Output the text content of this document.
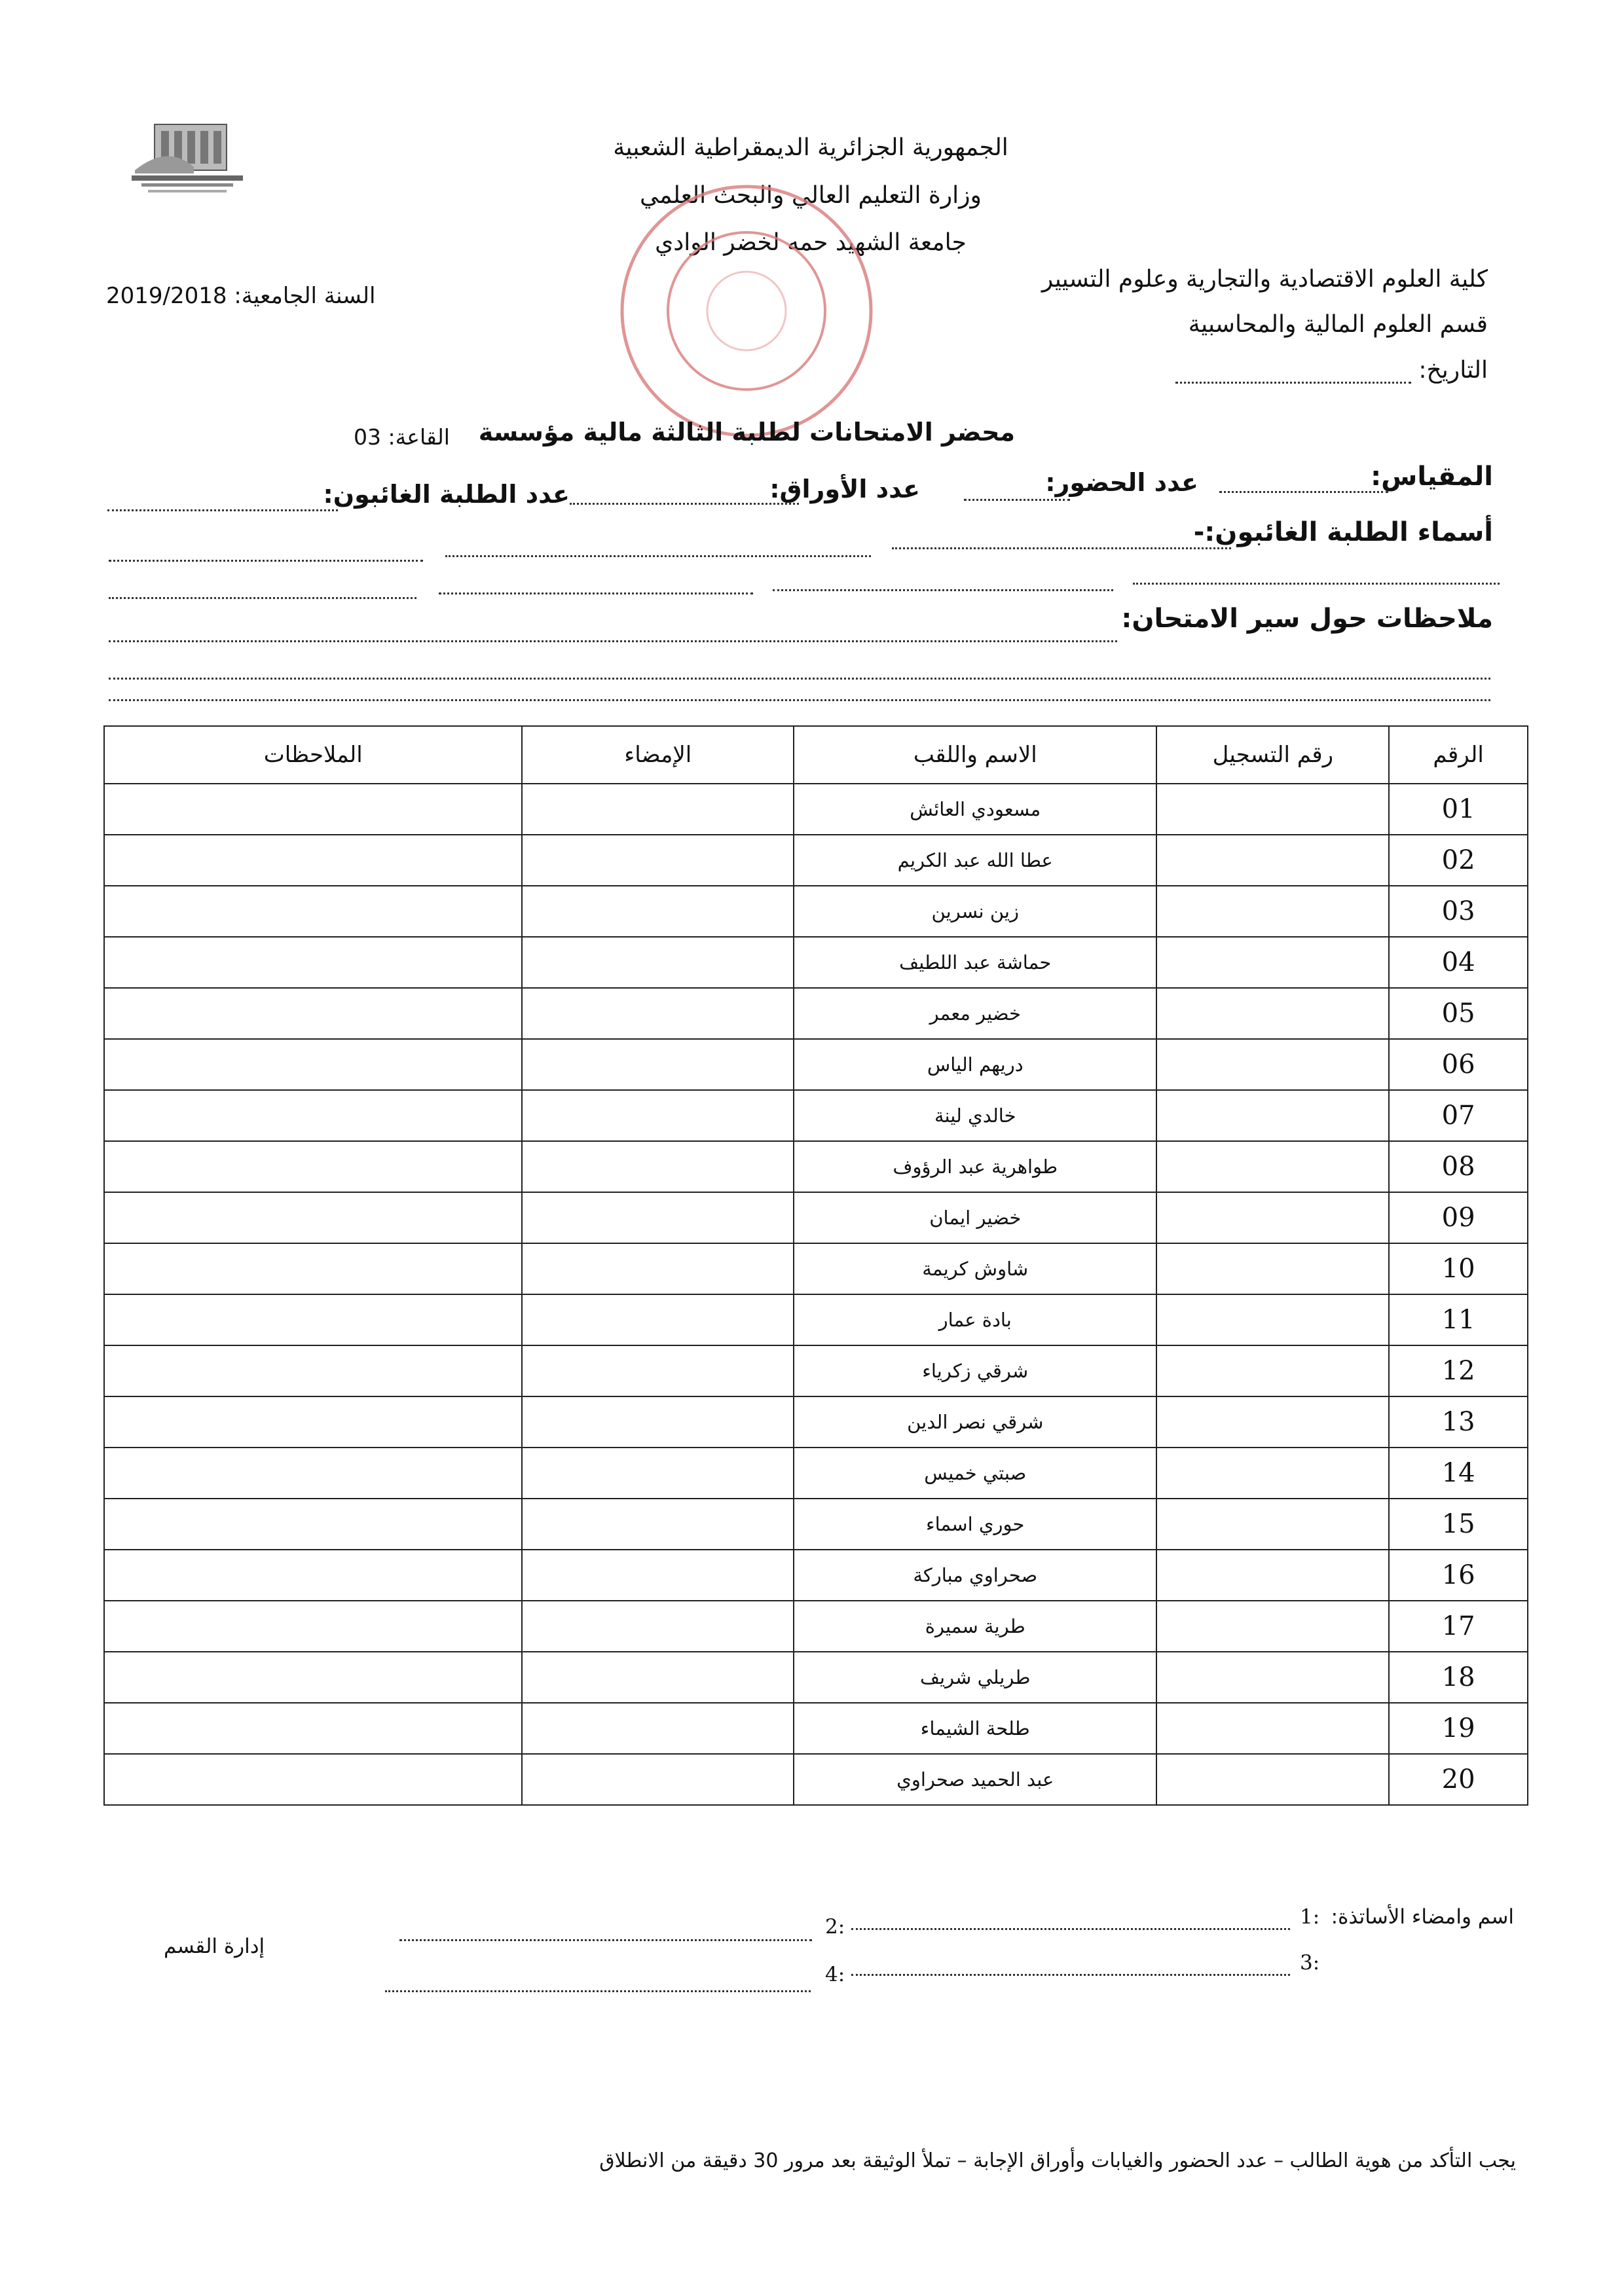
الجمهورية الجزائرية الديمقراطية الشعبية
وزارة التعليم العالي والبحث العلمي
جامعة الشهيد حمه لخضر الوادي
كلية العلوم الاقتصادية والتجارية وعلوم التسيير
قسم العلوم المالية والمحاسبية
التاريخ:
السنة الجامعية: 2019/2018
محضر الامتحانات لطلبة الثالثة مالية مؤسسة
القاعة: 03
المقياس:
عدد الحضور:
عدد الأوراق:
عدد الطلبة الغائبون:
أسماء الطلبة الغائبون:-
ملاحظات حول سير الامتحان:
الرقم	رقم التسجيل	الاسم واللقب	الإمضاء	الملاحظات
01		مسعودي العائش		
02		عطا الله عبد الكريم		
03		زين نسرين		
04		حماشة عبد اللطيف		
05		خضير معمر		
06		دريهم الياس		
07		خالدي لينة		
08		طواهرية عبد الرؤوف		
09		خضير ايمان		
10		شاوش كريمة		
11		بادة عمار		
12		شرقي زكرياء		
13		شرقي نصر الدين		
14		صبتي خميس		
15		حوري اسماء		
16		صحراوي مباركة		
17		طرية سميرة		
18		طريلي شريف		
19		طلحة الشيماء		
20		عبد الحميد صحراوي		
اسم وامضاء الأساتذة:
1:
2:
3:
4:
إدارة القسم
يجب التأكد من هوية الطالب – عدد الحضور والغيابات وأوراق الإجابة – تملأ الوثيقة بعد مرور 30 دقيقة من الانطلاق
